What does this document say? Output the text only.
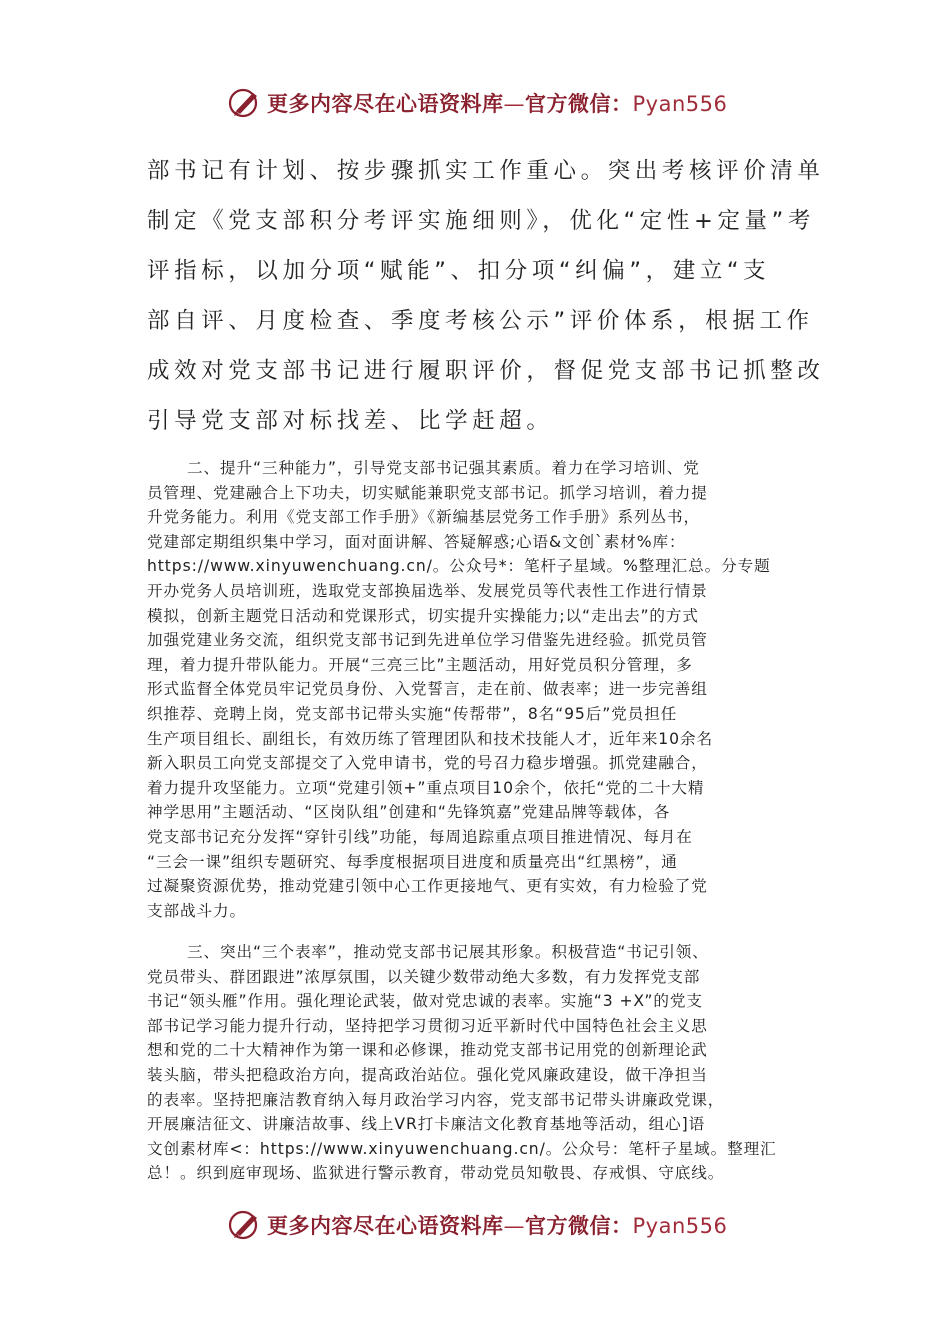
更多内容尽在心语资料库—官方微信：Pyan556
部书记有计划、按步骤抓实工作重心。突出考核评价清单
制定《党支部积分考评实施细则》，优化“定性+定量”考
评指标，以加分项“赋能”、扣分项“纠偏”，建立“支
部自评、月度检查、季度考核公示”评价体系，根据工作
成效对党支部书记进行履职评价，督促党支部书记抓整改
引导党支部对标找差、比学赶超。
二、提升“三种能力”，引导党支部书记强其素质。着力在学习培训、党
员管理、党建融合上下功夫，切实赋能兼职党支部书记。抓学习培训，着力提
升党务能力。利用《党支部工作手册》《新编基层党务工作手册》系列丛书，
党建部定期组织集中学习，面对面讲解、答疑解惑;心语&文创`素材%库：
https://www.xinyuwenchuang.cn/。公众号*：笔杆子星域。%整理汇总。分专题
开办党务人员培训班，选取党支部换届选举、发展党员等代表性工作进行情景
模拟，创新主题党日活动和党课形式，切实提升实操能力;以“走出去”的方式
加强党建业务交流，组织党支部书记到先进单位学习借鉴先进经验。抓党员管
理，着力提升带队能力。开展“三亮三比”主题活动，用好党员积分管理，多
形式监督全体党员牢记党员身份、入党誓言，走在前、做表率；进一步完善组
织推荐、竞聘上岗，党支部书记带头实施“传帮带”，8名“95后”党员担任
生产项目组长、副组长，有效历练了管理团队和技术技能人才，近年来10余名
新入职员工向党支部提交了入党申请书，党的号召力稳步增强。抓党建融合，
着力提升攻坚能力。立项“党建引领+”重点项目10余个，依托“党的二十大精
神学思用”主题活动、“区岗队组”创建和“先锋筑嘉”党建品牌等载体，各
党支部书记充分发挥“穿针引线”功能，每周追踪重点项目推进情况、每月在
“三会一课”组织专题研究、每季度根据项目进度和质量亮出“红黑榜”，通
过凝聚资源优势，推动党建引领中心工作更接地气、更有实效，有力检验了党
支部战斗力。
三、突出“三个表率”，推动党支部书记展其形象。积极营造“书记引领、
党员带头、群团跟进”浓厚氛围，以关键少数带动绝大多数，有力发挥党支部
书记“领头雁”作用。强化理论武装，做对党忠诚的表率。实施“3 +X”的党支
部书记学习能力提升行动，坚持把学习贯彻习近平新时代中国特色社会主义思
想和党的二十大精神作为第一课和必修课，推动党支部书记用党的创新理论武
装头脑，带头把稳政治方向，提高政治站位。强化党风廉政建设，做干净担当
的表率。坚持把廉洁教育纳入每月政治学习内容，党支部书记带头讲廉政党课，
开展廉洁征文、讲廉洁故事、线上VR打卡廉洁文化教育基地等活动，组心]语
文创素材库<：https://www.xinyuwenchuang.cn/。公众号：笔杆子星域。整理汇
总！。织到庭审现场、监狱进行警示教育，带动党员知敬畏、存戒惧、守底线。
更多内容尽在心语资料库—官方微信：Pyan556
